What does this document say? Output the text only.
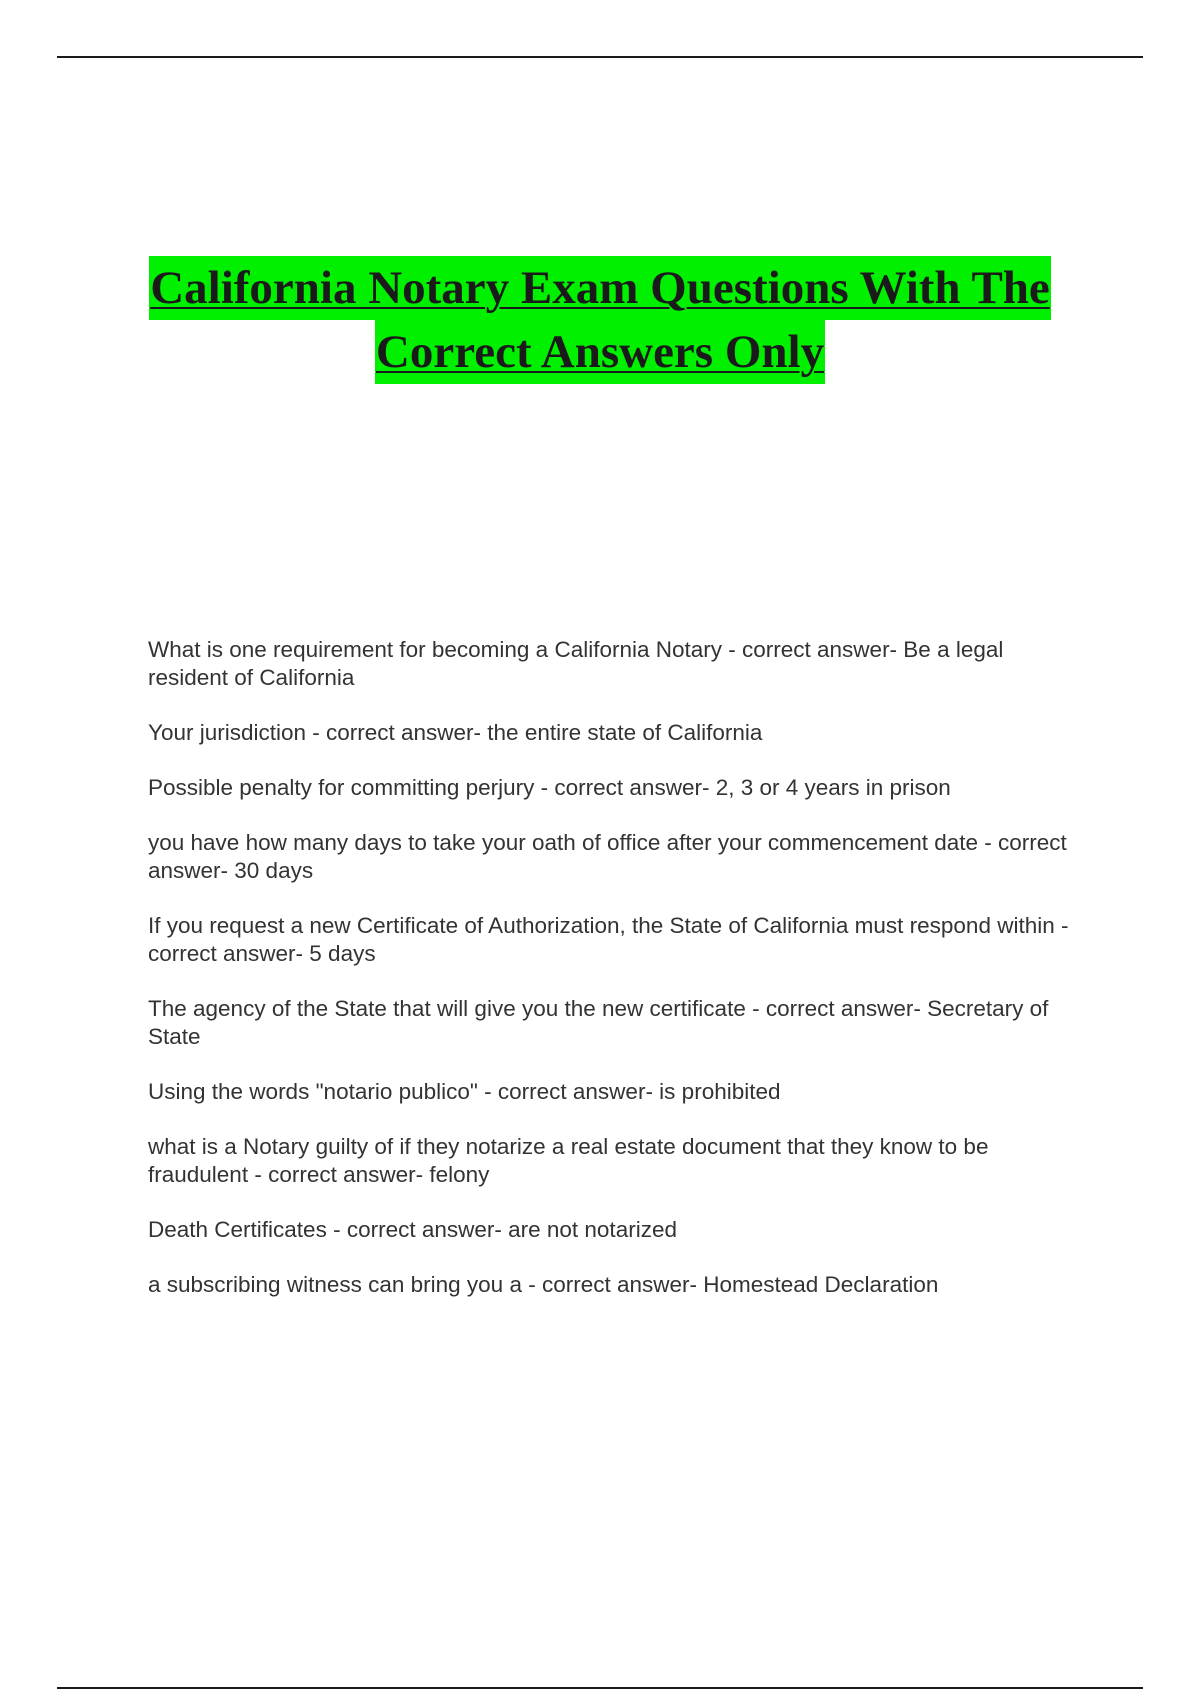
California Notary Exam Questions With The
Correct Answers Only
What is one requirement for becoming a California Notary - correct answer- Be a legal resident of California
Your jurisdiction - correct answer- the entire state of California
Possible penalty for committing perjury - correct answer- 2, 3 or 4 years in prison
you have how many days to take your oath of office after your commencement date - correct answer- 30 days
If you request a new Certificate of Authorization, the State of California must respond within - correct answer- 5 days
The agency of the State that will give you the new certificate - correct answer- Secretary of State
Using the words "notario publico" - correct answer- is prohibited
what is a Notary guilty of if they notarize a real estate document that they know to be fraudulent - correct answer- felony
Death Certificates - correct answer- are not notarized
a subscribing witness can bring you a - correct answer- Homestead Declaration
